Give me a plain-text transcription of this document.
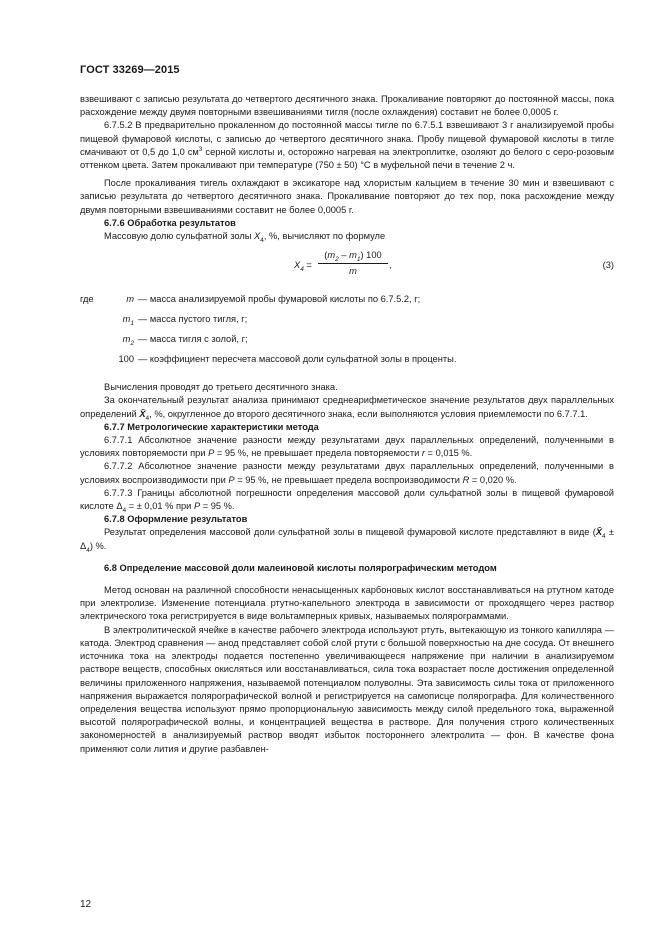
ГОСТ 33269—2015

взвешивают с записью результата до четвертого десятичного знака. Прокаливание повторяют до постоянной массы, пока расхождение между двумя повторными взвешиваниями тигля (после охлаждения) составит не более 0,0005 г.

6.7.5.2 В предварительно прокаленном до постоянной массы тигле по 6.7.5.1 взвешивают 3 г анализируемой пробы пищевой фумаровой кислоты, с записью до четвертого десятичного знака. Пробу пищевой фумаровой кислоты в тигле смачивают от 0,5 до 1,0 $см^3$ серной кислоты и, осторожно нагревая на электроплитке, озоляют до белого с серо-розовым оттенком цвета. Затем прокаливают при температуре (750 ± 50) °С в муфельной печи в течение 2 ч.

После прокаливания тигель охлаждают в эксикаторе над хлористым кальцием в течение 30 мин и взвешивают с записью результата до четвертого десятичного знака. Прокаливание повторяют до тех пор, пока расхождение между двумя повторными взвешиваниями составит не более 0,0005 г.

6.7.6 Обработка результатов

Массовую долю сульфатной золы $X_4$, %, вычисляют по формуле

$X_4$ =
$(m_2 - m_1)$ 100
m
,	(3)
где	m — масса анализируемой пробы фумаровой кислоты по 6.7.5.2, г;
$m_1$ — масса пустого тигля, г;
$m_2$ — масса тигля с золой, г;
100 — коэффициент пересчета массовой доли сульфатной золы в проценты.

Вычисления проводят до третьего десятичного знака.

За окончательный результат анализа принимают среднеарифметическое значение результатов двух параллельных определений $X̄_4$, %, округленное до второго десятичного знака, если выполняются условия приемлемости по 6.7.7.1.

6.7.7 Метрологические характеристики метода

6.7.7.1 Абсолютное значение разности между результатами двух параллельных определений, полученными в условиях повторяемости при P = 95 %, не превышает предела повторяемости r = 0,015 %.

6.7.7.2 Абсолютное значение разности между результатами двух параллельных определений, полученными в условиях воспроизводимости при P = 95 %, не превышает предела воспроизводимости R = 0,020 %.

6.7.7.3 Границы абсолютной погрешности определения массовой доли сульфатной золы в пищевой фумаровой кислоте $\Delta_4$ = ± 0,01 % при P = 95 %.

6.7.8 Оформление результатов

Результат определения массовой доли сульфатной золы в пищевой фумаровой кислоте представляют в виде $(X̄_4 \pm \Delta_4)$ %.

6.8 Определение массовой доли малеиновой кислоты полярографическим методом

Метод основан на различной способности ненасыщенных карбоновых кислот восстанавливаться на ртутном катоде при электролизе. Изменение потенциала ртутно-капельного электрода в зависимости от проходящего через раствор электрического тока регистрируется в виде вольтамперных кривых, называемых полярограммами.

В электролитической ячейке в качестве рабочего электрода используют ртуть, вытекающую из тонкого капилляра — катода. Электрод сравнения — анод представляет собой слой ртути с большой поверхностью на дне сосуда. От внешнего источника тока на электроды подается постепенно увеличивающееся напряжение при наличии в анализируемом растворе веществ, способных окисляться или восстанавливаться, сила тока возрастает после достижения определенной величины приложенного напряжения, называемой потенциалом полуволны. Эта зависимость силы тока от приложенного напряжения выражается полярографической волной и регистрируется на самописце полярографа. Для количественного определения вещества используют прямо пропорциональную зависимость между силой предельного тока, выраженной высотой полярографической волны, и концентрацией вещества в растворе. Для получения строго количественных закономерностей в анализируемый раствор вводят избыток постороннего электролита — фон. В качестве фона применяют соли лития и другие разбавлен-

12
